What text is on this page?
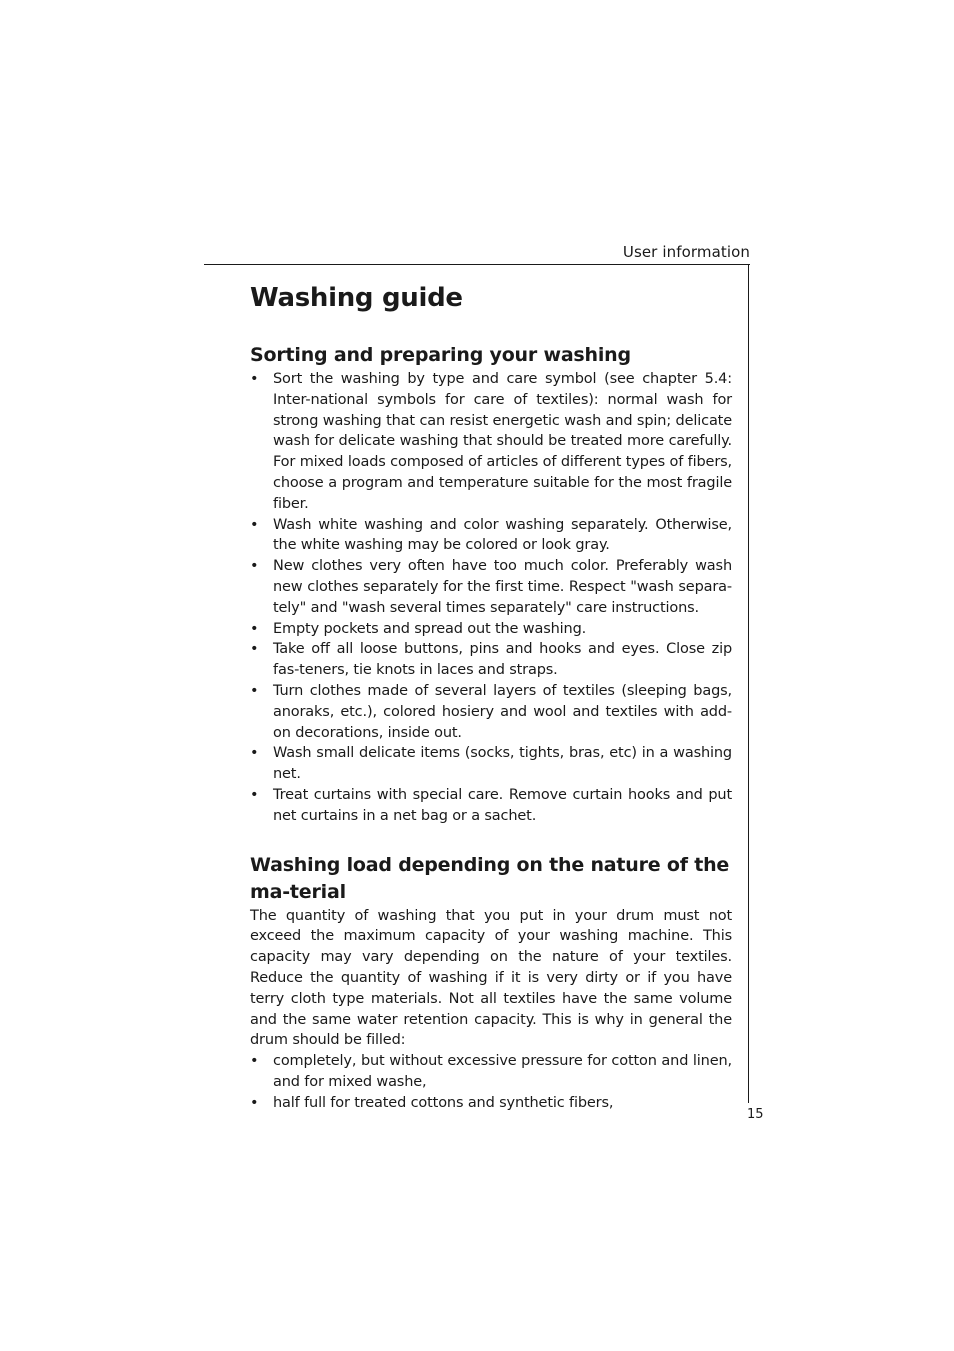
User information
15
Washing guide
Sorting and preparing your washing
• Sort the washing by type and care symbol (see chapter 5.4: Inter-national symbols for care of textiles): normal wash for strong washing that can resist energetic wash and spin; delicate wash for delicate washing that should be treated more carefully. For mixed loads composed of articles of different types of fibers, choose a program and temperature suitable for the most fragile fiber.
• Wash white washing and color washing separately. Otherwise, the white washing may be colored or look gray.
• New clothes very often have too much color. Preferably wash new clothes separately for the first time. Respect "wash separa-tely" and "wash several times separately" care instructions.
• Empty pockets and spread out the washing.
• Take off all loose buttons, pins and hooks and eyes. Close zip fas-teners, tie knots in laces and straps.
• Turn clothes made of several layers of textiles (sleeping bags, anoraks, etc.), colored hosiery and wool and textiles with add-on decorations, inside out.
• Wash small delicate items (socks, tights, bras, etc) in a washing net.
• Treat curtains with special care. Remove curtain hooks and put net curtains in a net bag or a sachet.
Washing load depending on the nature of the ma-terial

The quantity of washing that you put in your drum must not exceed the maximum capacity of your washing machine. This capacity may vary depending on the nature of your textiles. Reduce the quantity of washing if it is very dirty or if you have terry cloth type materials. Not all textiles have the same volume and the same water retention capacity. This is why in general the drum should be filled:

• completely, but without excessive pressure for cotton and linen, and for mixed washe,
• half full for treated cottons and synthetic fibers,
